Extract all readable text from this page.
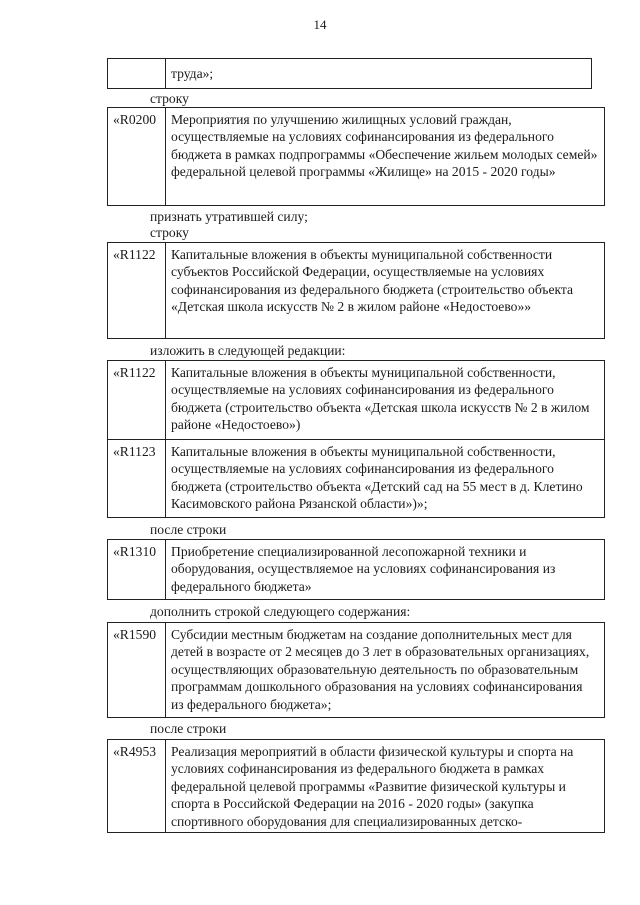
14
труда»;
строку
«R0200	Мероприятия по улучшению жилищных условий граждан, осуществляемые на условиях софинансирования из федерального бюджета в рамках подпрограммы «Обеспечение жильем молодых семей» федеральной целевой программы «Жилище» на 2015 - 2020 годы»
признать утратившей силу;
строку
«R1122	Капитальные вложения в объекты муниципальной собственности субъектов Российской Федерации, осуществляемые на условиях софинансирования из федерального бюджета (строительство объекта «Детская школа искусств № 2 в жилом районе «Недостоево»»
изложить в следующей редакции:
«R1122	Капитальные вложения в объекты муниципальной собственности, осуществляемые на условиях софинансирования из федерального бюджета (строительство объекта «Детская школа искусств № 2 в жилом районе «Недостоево»)
«R1123	Капитальные вложения в объекты муниципальной собственности, осуществляемые на условиях софинансирования из федерального бюджета (строительство объекта «Детский сад на 55 мест в д. Клетино Касимовского района Рязанской области»)»;
после строки
«R1310	Приобретение специализированной лесопожарной техники и оборудования, осуществляемое на условиях софинансирования из федерального бюджета»
дополнить строкой следующего содержания:
«R1590	Субсидии местным бюджетам на создание дополнительных мест для детей в возрасте от 2 месяцев до 3 лет в образовательных организациях, осуществляющих образовательную деятельность по образовательным программам дошкольного образования на условиях софинансирования из федерального бюджета»;
после строки
«R4953	Реализация мероприятий в области физической культуры и спорта на условиях софинансирования из федерального бюджета в рамках федеральной целевой программы «Развитие физической культуры и спорта в Российской Федерации на 2016 - 2020 годы» (закупка спортивного оборудования для специализированных детско-
